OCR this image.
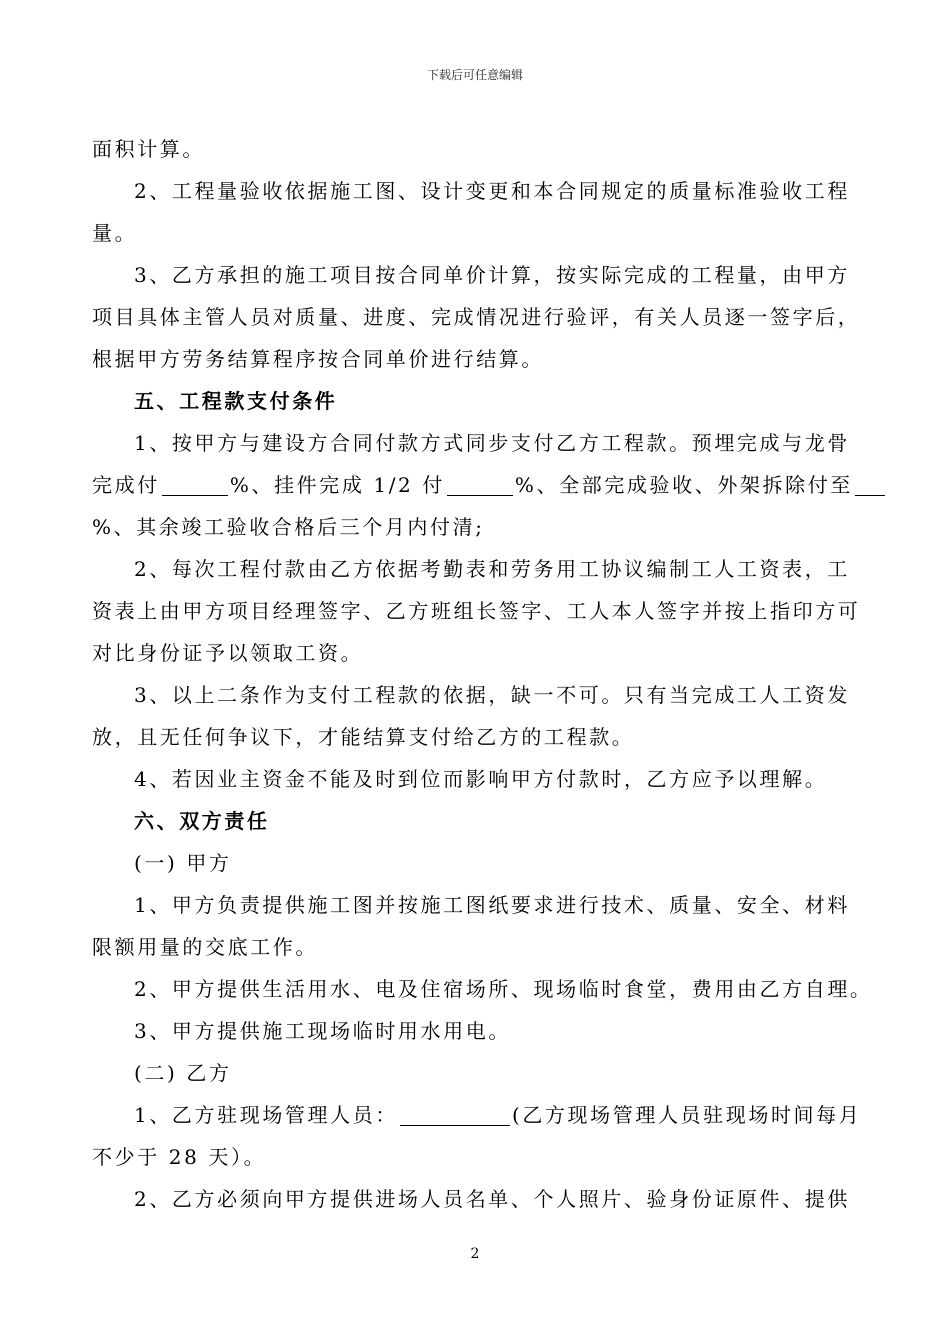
下载后可任意编辑
面积计算。
2、工程量验收依据施工图、设计变更和本合同规定的质量标准验收工程
量。
3、乙方承担的施工项目按合同单价计算，按实际完成的工程量，由甲方
项目具体主管人员对质量、进度、完成情况进行验评，有关人员逐一签字后，
根据甲方劳务结算程序按合同单价进行结算。
五、工程款支付条件
1、按甲方与建设方合同付款方式同步支付乙方工程款。预埋完成与龙骨
完成付	%、挂件完成 1/2 付	%、全部完成验收、外架拆除付至
%、其余竣工验收合格后三个月内付清;
2、每次工程付款由乙方依据考勤表和劳务用工协议编制工人工资表，工
资表上由甲方项目经理签字、乙方班组长签字、工人本人签字并按上指印方可
对比身份证予以领取工资。
3、以上二条作为支付工程款的依据，缺一不可。只有当完成工人工资发
放，且无任何争议下，才能结算支付给乙方的工程款。
4、若因业主资金不能及时到位而影响甲方付款时，乙方应予以理解。
六、双方责任
(一) 甲方
1、甲方负责提供施工图并按施工图纸要求进行技术、质量、安全、材料
限额用量的交底工作。
2、甲方提供生活用水、电及住宿场所、现场临时食堂，费用由乙方自理。
3、甲方提供施工现场临时用水用电。
(二) 乙方
1、乙方驻现场管理人员：	(乙方现场管理人员驻现场时间每月
不少于 28 天）。
2、乙方必须向甲方提供进场人员名单、个人照片、验身份证原件、提供
2
